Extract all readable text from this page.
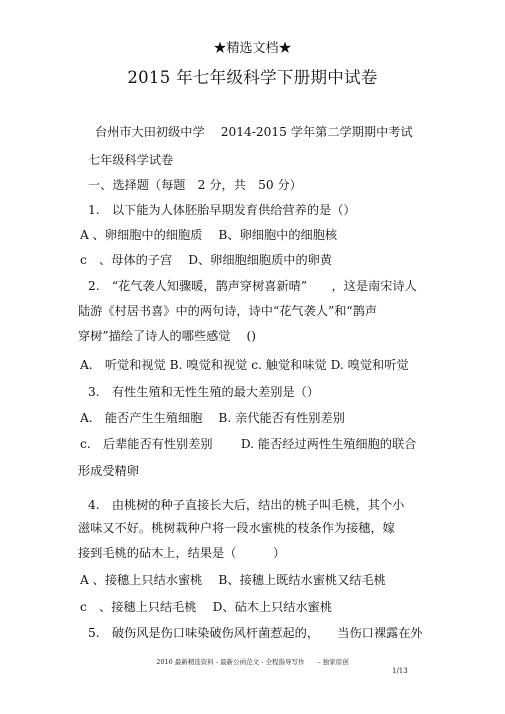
★精选文档★
2015 年七年级科学下册期中试卷
台州市大田初级中学　 2014-2015 学年第二学期期中考试
七年级科学试卷
一、选择题（每题　2 分，共　50 分）
1.　以下能为人体胚胎早期发育供给营养的是（）
A 、卵细胞中的细胞质　 B、卵细胞中的细胞核
c　、母体的子宫　 D、卵细胞细胞质中的卵黄
2.　“花气袭人知骤暖，鹊声穿树喜新晴”　　，这是南宋诗人
陆游《村居书喜》中的两句诗，诗中“花气袭人”和“鹊声
穿树”描绘了诗人的哪些感觉　 ()
A.　听觉和视觉 B. 嗅觉和视觉 c. 触觉和味觉 D. 嗅觉和听觉
3.　有性生殖和无性生殖的最大差别是（）
A.　能否产生生殖细胞　 B. 亲代能否有性别差别
c.　后辈能否有性别差别　　 D. 能否经过两性生殖细胞的联合
形成受精卵
4.　由桃树的种子直接长大后，结出的桃子叫毛桃，其个小
滋味又不好。桃树栽种户将一段水蜜桃的枝条作为接穗，嫁
接到毛桃的砧木上，结果是（　　　）
A 、接穗上只结水蜜桃　 B、接穗上既结水蜜桃又结毛桃
c　、接穗上只结毛桃　 D、砧木上只结水蜜桃
5.　破伤风是伤口味染破伤风杆菌惹起的，　　当伤口裸露在外
2016 最新精选资料 - 最新公函范文 - 全程指导写作　　– 独家原创
1/13
